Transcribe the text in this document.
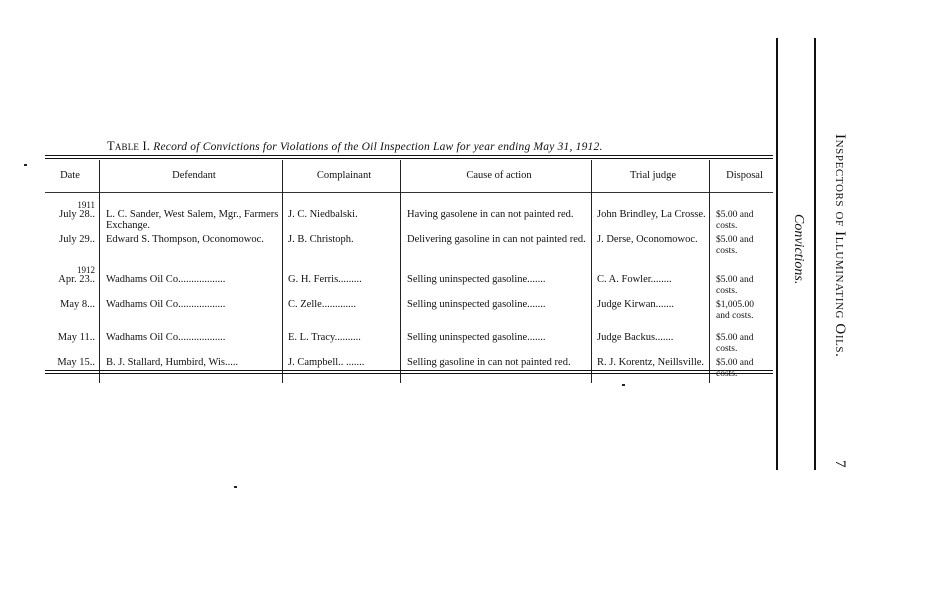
Table I. Record of Convictions for Violations of the Oil Inspection Law for year ending May 31, 1912.
Date	Defendant	Complainant	Cause of action	Trial judge	Disposal

1911
July 28..	L. C. Sander, West Salem, Mgr., Farmers Exchange.	J. C. Niedbalski.	Having gasolene in can not painted red.	John Brindley, La Crosse.	$5.00 and costs.
July 29..	Edward S. Thompson, Oconomowoc.	J. B. Christoph.	Delivering gasoline in can not painted red.	J. Derse, Oconomowoc.	$5.00 and costs.

1912
Apr. 23..	Wadhams Oil Co..................	G. H. Ferris.........	Selling uninspected gasoline.......	C. A. Fowler........	$5.00 and costs.
May 8...	Wadhams Oil Co..................	C. Zelle.............	Selling uninspected gasoline.......	Judge Kirwan.......	$1,005.00 and costs.
May 11..	Wadhams Oil Co..................	E. L. Tracy..........	Selling uninspected gasoline.......	Judge Backus.......	$5.00 and costs.
May 15..	B. J. Stallard, Humbird, Wis.....	J. Campbell.. .......	Selling gasoline in can not painted red.	R. J. Korentz, Neillsville.	$5.00 and
Convictions. Inspectors of Illuminating Oils.
7
